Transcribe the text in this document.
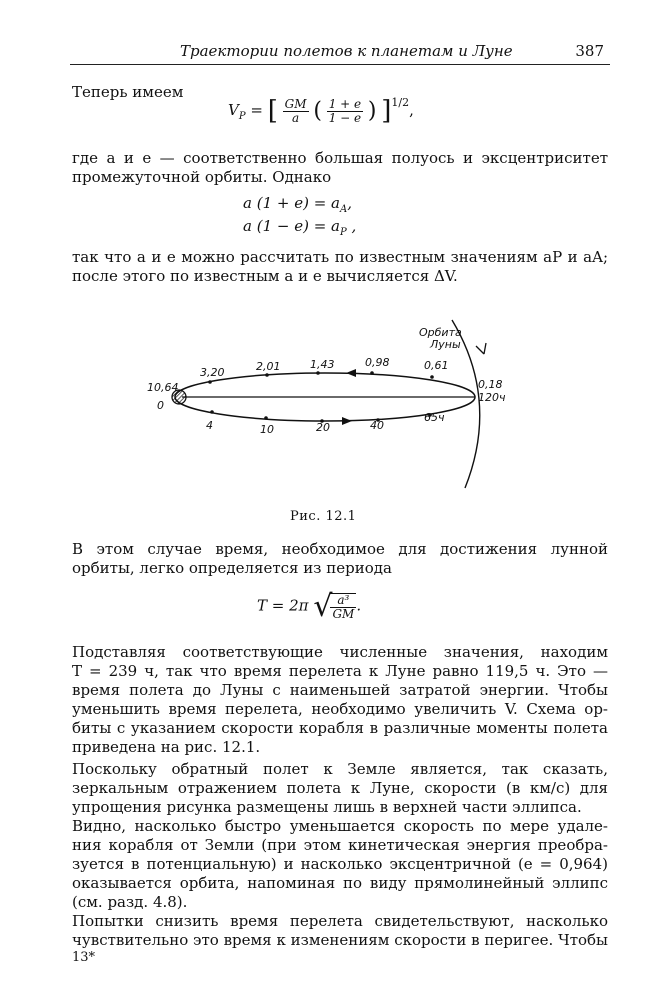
Траектории полетов к планетам и Луне	387

Теперь имеем

$V_P$ = [ $\frac{GM}{a}$ ( $\frac{1 + e}{1 - e}$ ) ]$^{1/2}$,
где a и e — соответственно большая полуось и эксцентриситет
промежуточной орбиты. Однако
a $(1 + e) = a_A$,
a $(1 - e) = a_P$ ,
так что a и e можно рассчитать по известным значениям aP и aA;
после этого по известным a и e вычисляется ΔV.
Орбита
Луны
3,20	2,01	1,43	0,98	0,61
10,64
0
0,18
120ч
4	10	20	40
65ч
Рис. 12.1
В этом случае время, необходимое для достижения лунной
орбиты, легко определяется из периода
T = 2π √
$\frac{\text{a³}}{GM}$ .
Подставляя соответствующие численные значения, находим
T = 239 ч, так что время перелета к Луне равно 119,5 ч. Это —
время полета до Луны с наименьшей затратой энергии. Чтобы
уменьшить время перелета, необходимо увеличить V. Схема ор-
биты с указанием скорости корабля в различные моменты полета
приведена на рис. 12.1.
Поскольку обратный полет к Земле является, так сказать,
зеркальным отражением полета к Луне, скорости (в км/с) для
упрощения рисунка размещены лишь в верхней части эллипса.
Видно, насколько быстро уменьшается скорость по мере удале-
ния корабля от Земли (при этом кинетическая энергия преобра-
зуется в потенциальную) и насколько эксцентричной (e = 0,964)
оказывается орбита, напоминая по виду прямолинейный эллипс
(см. разд. 4.8).
Попытки снизить время перелета свидетельствуют, насколько
чувствительно это время к изменениям скорости в перигее. Чтобы
13*
